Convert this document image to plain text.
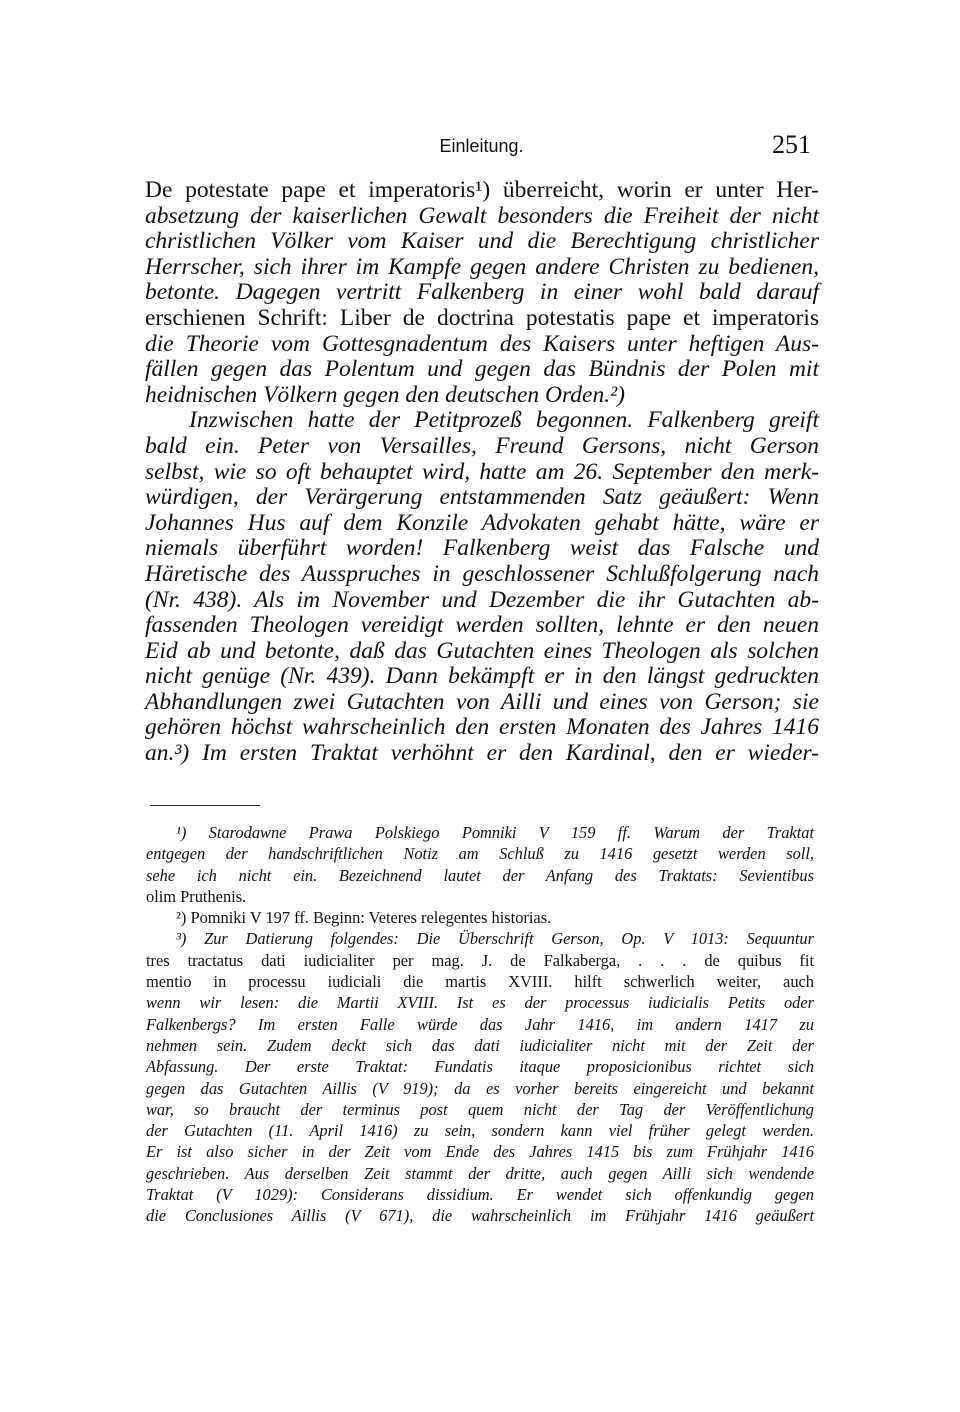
Einleitung.	251
De potestate pape et imperatoris¹) überreicht, worin er unter Her-
absetzung der kaiserlichen Gewalt besonders die Freiheit der nicht
christlichen Völker vom Kaiser und die Berechtigung christlicher
Herrscher, sich ihrer im Kampfe gegen andere Christen zu bedienen,
betonte. Dagegen vertritt Falkenberg in einer wohl bald darauf
erschienen Schrift: Liber de doctrina potestatis pape et imperatoris
die Theorie vom Gottesgnadentum des Kaisers unter heftigen Aus-
fällen gegen das Polentum und gegen das Bündnis der Polen mit
heidnischen Völkern gegen den deutschen Orden.²)
Inzwischen hatte der Petitprozeß begonnen. Falkenberg greift
bald ein. Peter von Versailles, Freund Gersons, nicht Gerson
selbst, wie so oft behauptet wird, hatte am 26. September den merk-
würdigen, der Verärgerung entstammenden Satz geäußert: Wenn
Johannes Hus auf dem Konzile Advokaten gehabt hätte, wäre er
niemals überführt worden! Falkenberg weist das Falsche und
Häretische des Ausspruches in geschlossener Schlußfolgerung nach
(Nr. 438). Als im November und Dezember die ihr Gutachten ab-
fassenden Theologen vereidigt werden sollten, lehnte er den neuen
Eid ab und betonte, daß das Gutachten eines Theologen als solchen
nicht genüge (Nr. 439). Dann bekämpft er in den längst gedruckten
Abhandlungen zwei Gutachten von Ailli und eines von Gerson; sie
gehören höchst wahrscheinlich den ersten Monaten des Jahres 1416
an.³) Im ersten Traktat verhöhnt er den Kardinal, den er wieder-
¹) Starodawne Prawa Polskiego Pomniki V 159 ff. Warum der Traktat
entgegen der handschriftlichen Notiz am Schluß zu 1416 gesetzt werden soll,
sehe ich nicht ein. Bezeichnend lautet der Anfang des Traktats: Sevientibus
olim Pruthenis.
²) Pomniki V 197 ff. Beginn: Veteres relegentes historias.
³) Zur Datierung folgendes: Die Überschrift Gerson, Op. V 1013: Sequuntur
tres tractatus dati iudicialiter per mag. J. de Falkaberga, . . . de quibus fit
mentio in processu iudiciali die martis XVIII. hilft schwerlich weiter, auch
wenn wir lesen: die Martii XVIII. Ist es der processus iudicialis Petits oder
Falkenbergs? Im ersten Falle würde das Jahr 1416, im andern 1417 zu
nehmen sein. Zudem deckt sich das dati iudicialiter nicht mit der Zeit der
Abfassung. Der erste Traktat: Fundatis itaque proposicionibus richtet sich
gegen das Gutachten Aillis (V 919); da es vorher bereits eingereicht und bekannt
war, so braucht der terminus post quem nicht der Tag der Veröffentlichung
der Gutachten (11. April 1416) zu sein, sondern kann viel früher gelegt werden.
Er ist also sicher in der Zeit vom Ende des Jahres 1415 bis zum Frühjahr 1416
geschrieben. Aus derselben Zeit stammt der dritte, auch gegen Ailli sich wendende
Traktat (V 1029): Considerans dissidium. Er wendet sich offenkundig gegen
die Conclusiones Aillis (V 671), die wahrscheinlich im Frühjahr 1416 geäußert
